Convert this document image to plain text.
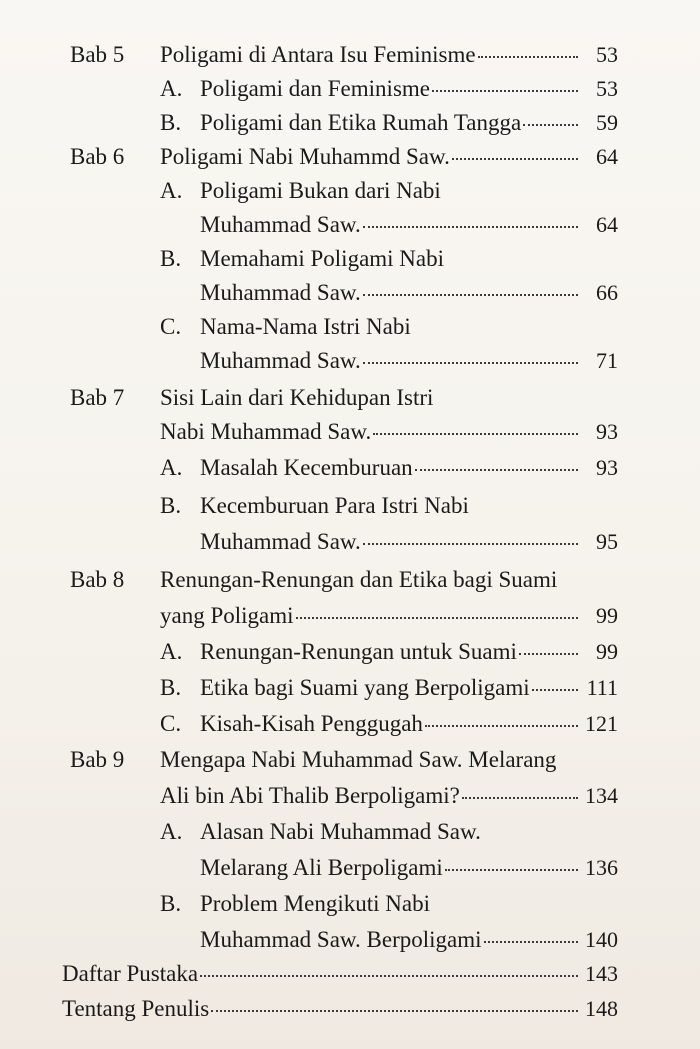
Bab 5 Poligami di Antara Isu Feminisme	53
A. Poligami dan Feminisme	53
B. Poligami dan Etika Rumah Tangga	59
Bab 6 Poligami Nabi Muhammd Saw.	64
A. Poligami Bukan dari Nabi
Muhammad Saw.	64
B. Memahami Poligami Nabi
Muhammad Saw.	66
C. Nama-Nama Istri Nabi
Muhammad Saw.	71
Bab 7 Sisi Lain dari Kehidupan Istri
Nabi Muhammad Saw.	93
A. Masalah Kecemburuan	93
B. Kecemburuan Para Istri Nabi
Muhammad Saw.	95
Bab 8 Renungan-Renungan dan Etika bagi Suami
yang Poligami	99
A. Renungan-Renungan untuk Suami	99
B. Etika bagi Suami yang Berpoligami	111
C. Kisah-Kisah Penggugah	121
Bab 9 Mengapa Nabi Muhammad Saw. Melarang
Ali bin Abi Thalib Berpoligami?	134
A. Alasan Nabi Muhammad Saw.
Melarang Ali Berpoligami	136
B. Problem Mengikuti Nabi
Muhammad Saw. Berpoligami	140
Daftar Pustaka	143
Tentang Penulis	148
